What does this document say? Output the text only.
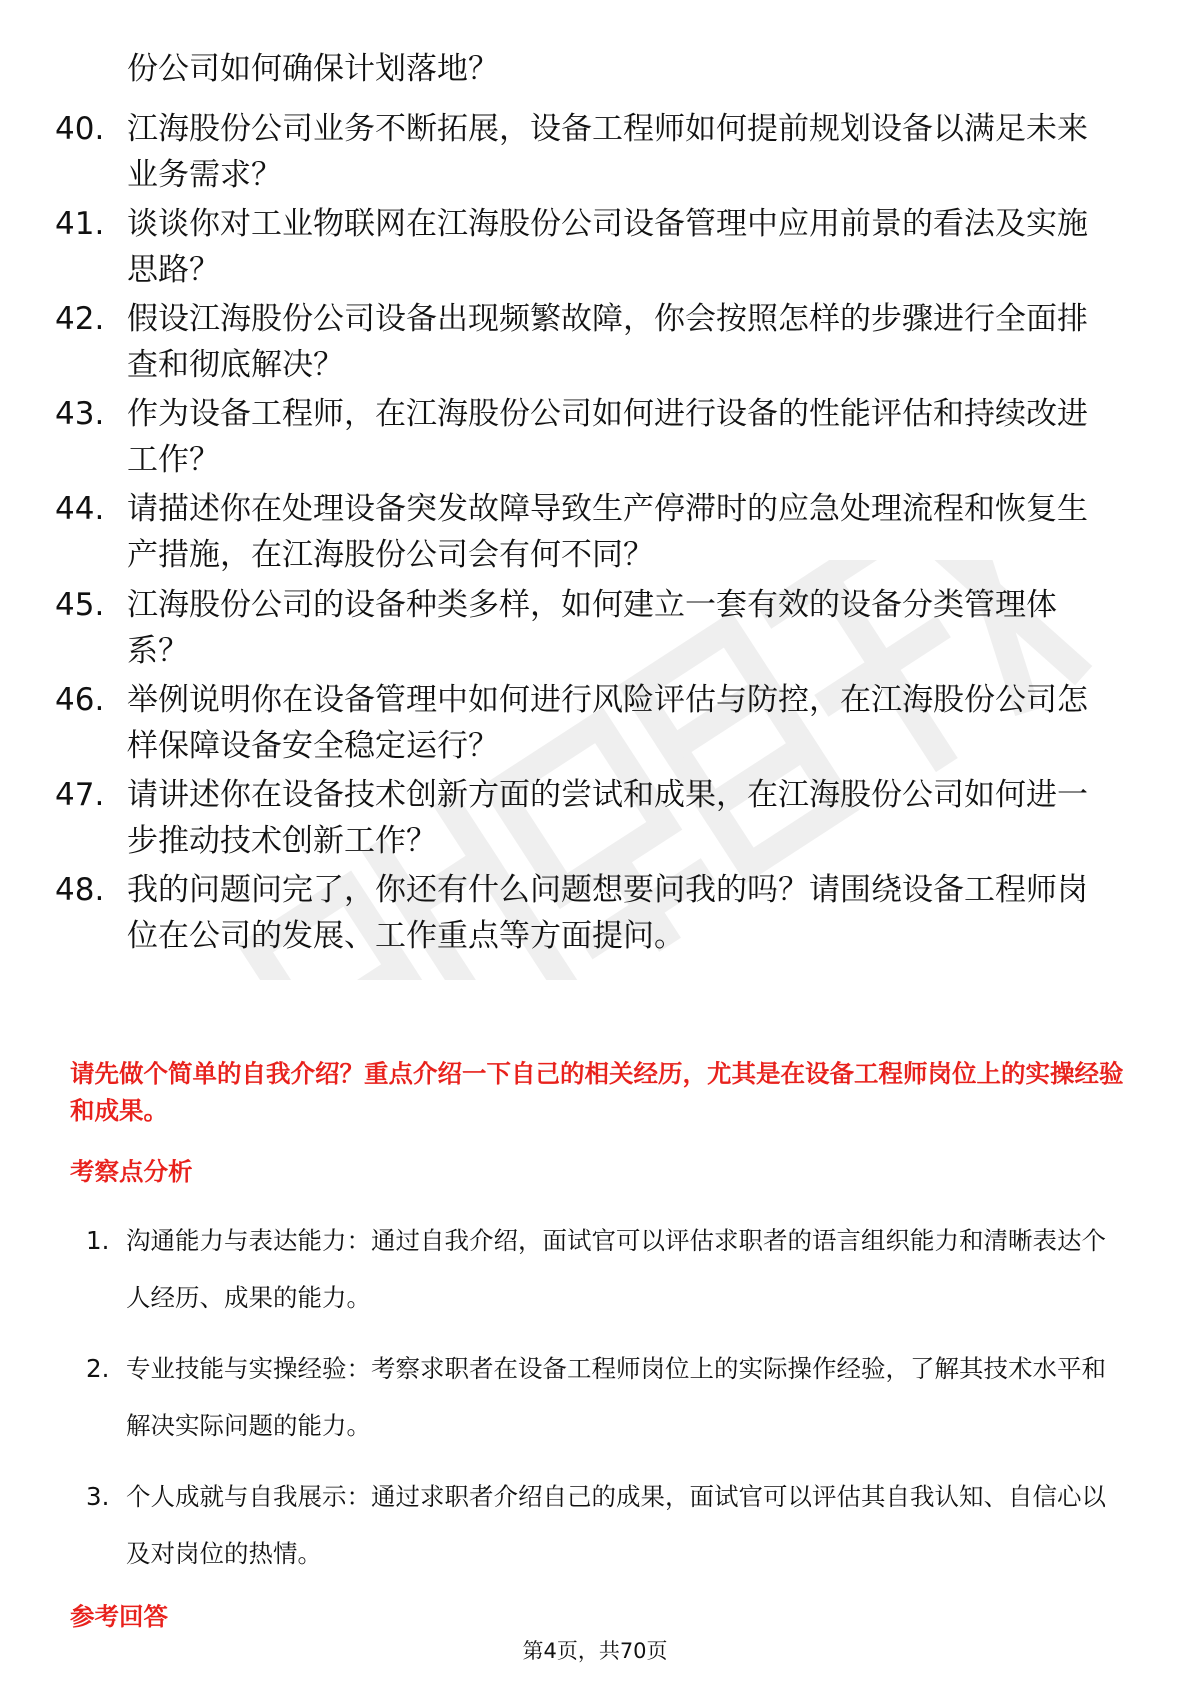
份公司如何确保计划落地？
40. 江海股份公司业务不断拓展，设备工程师如何提前规划设备以满足未来业务需求？
41. 谈谈你对工业物联网在江海股份公司设备管理中应用前景的看法及实施思路？
42. 假设江海股份公司设备出现频繁故障，你会按照怎样的步骤进行全面排查和彻底解决？
43. 作为设备工程师，在江海股份公司如何进行设备的性能评估和持续改进工作？
44. 请描述你在处理设备突发故障导致生产停滞时的应急处理流程和恢复生产措施，在江海股份公司会有何不同？
45. 江海股份公司的设备种类多样，如何建立一套有效的设备分类管理体系？
46. 举例说明你在设备管理中如何进行风险评估与防控，在江海股份公司怎样保障设备安全稳定运行？
47. 请讲述你在设备技术创新方面的尝试和成果，在江海股份公司如何进一步推动技术创新工作？
48. 我的问题问完了，你还有什么问题想要问我的吗？请围绕设备工程师岗位在公司的发展、工作重点等方面提问。
请先做个简单的自我介绍？重点介绍一下自己的相关经历，尤其是在设备工程师岗位上的实操经验和成果。
考察点分析
1. 沟通能力与表达能力：通过自我介绍，面试官可以评估求职者的语言组织能力和清晰表达个人经历、成果的能力。
2. 专业技能与实操经验：考察求职者在设备工程师岗位上的实际操作经验，了解其技术水平和解决实际问题的能力。
3. 个人成就与自我展示：通过求职者介绍自己的成果，面试官可以评估其自我认知、自信心以及对岗位的热情。
参考回答
第4页，共70页
